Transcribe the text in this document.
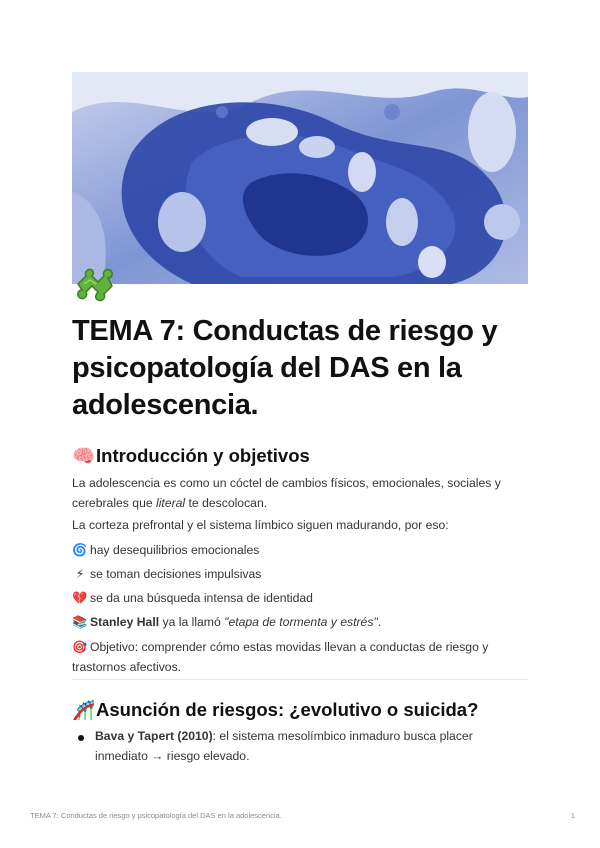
TEMA 7: Conductas de riesgo y psicopatología del DAS en la adolescencia.
🧠Introducción y objetivos

La adolescencia es como un cóctel de cambios físicos, emocionales, sociales y cerebrales que literal te descolocan.

La corteza prefrontal y el sistema límbico siguen madurando, por eso:

🌀 hay desequilibrios emocionales
⚡ se toman decisiones impulsivas
💔 se da una búsqueda intensa de identidad
📚 Stanley Hall ya la llamó "etapa de tormenta y estrés".

🎯 Objetivo: comprender cómo estas movidas llevan a conductas de riesgo y trastornos afectivos.

🎢Asunción de riesgos: ¿evolutivo o suicida?

Bava y Tapert (2010): el sistema mesolímbico inmaduro busca placer inmediato → riesgo elevado.

TEMA 7: Conductas de riesgo y psicopatología del DAS en la adolescencia.	1
